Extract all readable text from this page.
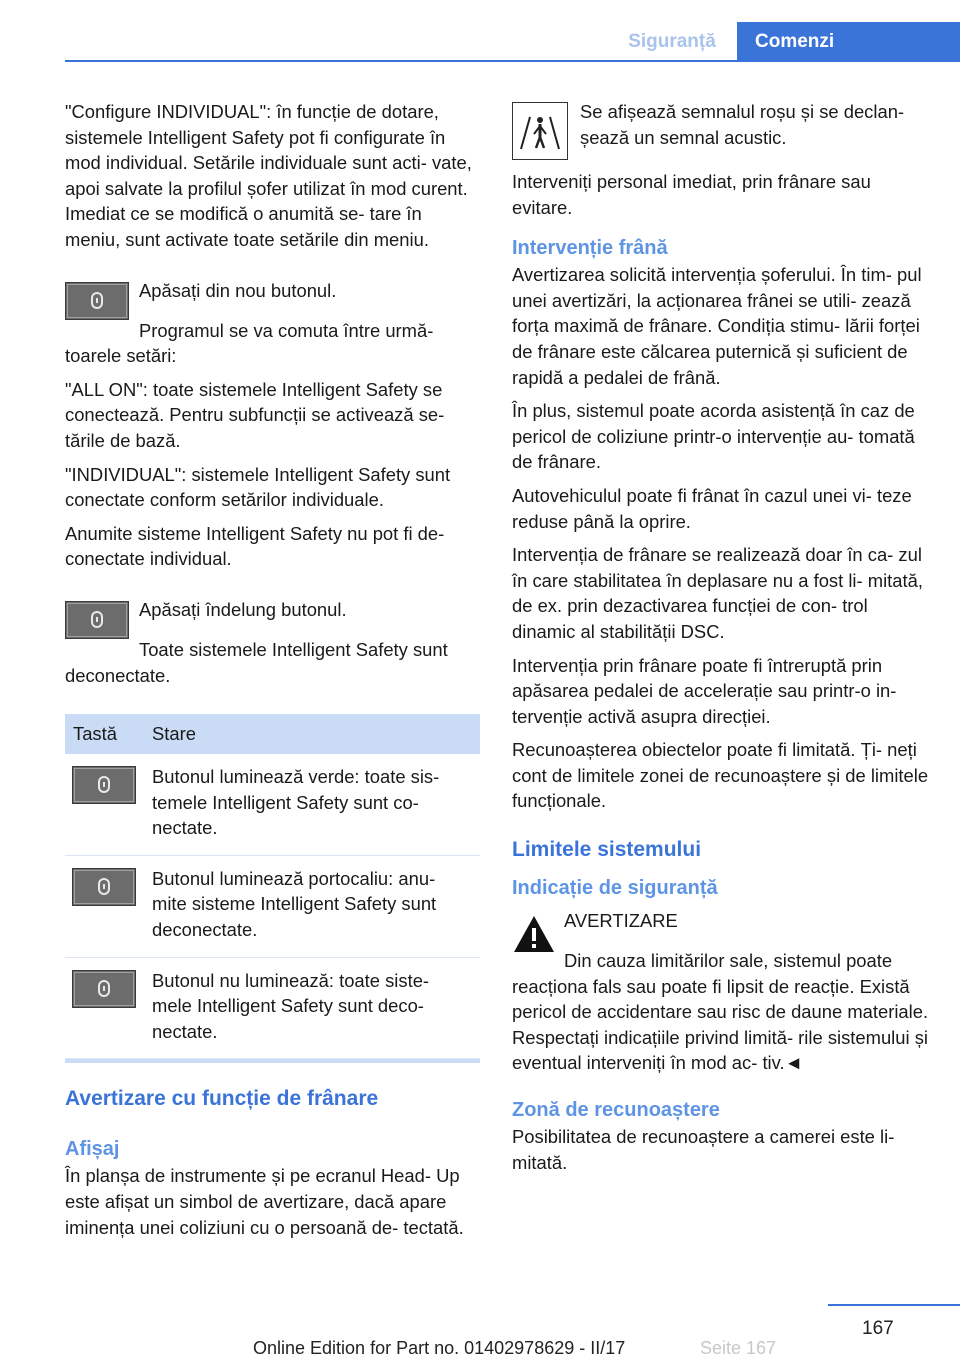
Siguranță	Comenzi
"Configure INDIVIDUAL": în funcție de dotare, sistemele Intelligent Safety pot fi configurate în mod individual. Setările individuale sunt acti‐ vate, apoi salvate la profilul șofer utilizat în mod curent. Imediat ce se modifică o anumită se‐ tare în meniu, sunt activate toate setările din meniu.
Apăsați din nou butonul.
Programul se va comuta între urmă‐ toarele setări:
"ALL ON": toate sistemele Intelligent Safety se conectează. Pentru subfuncții se activează se‐ tările de bază.
"INDIVIDUAL": sistemele Intelligent Safety sunt conectate conform setărilor individuale.
Anumite sisteme Intelligent Safety nu pot fi de‐ conectate individual.
Apăsați îndelung butonul.
Toate sistemele Intelligent Safety sunt deconectate.
Tastă	Stare

	Butonul luminează verde: toate sis‐ temele Intelligent Safety sunt co‐ nectate.

	Butonul luminează portocaliu: anu‐ mite sisteme Intelligent Safety sunt deconectate.

	Butonul nu luminează: toate siste‐ mele Intelligent Safety sunt deco‐ nectate.
Avertizare cu funcție de frânare
Afișaj
În planșa de instrumente și pe ecranul Head- Up este afișat un simbol de avertizare, dacă apare iminența unei coliziuni cu o persoană de‐ tectată.
Se afișează semnalul roșu și se declan‐ șează un semnal acustic.
Interveniți personal imediat, prin frânare sau evitare.
Intervenție frână
Avertizarea solicită intervenția șoferului. În tim‐ pul unei avertizări, la acționarea frânei se utili‐ zează forța maximă de frânare. Condiția stimu‐ lării forței de frânare este călcarea puternică și suficient de rapidă a pedalei de frână.
În plus, sistemul poate acorda asistență în caz de pericol de coliziune printr-o intervenție au‐ tomată de frânare.
Autovehiculul poate fi frânat în cazul unei vi‐ teze reduse până la oprire.
Intervenția de frânare se realizează doar în ca‐ zul în care stabilitatea în deplasare nu a fost li‐ mitată, de ex. prin dezactivarea funcției de con‐ trol dinamic al stabilității DSC.
Intervenția prin frânare poate fi întreruptă prin apăsarea pedalei de accelerație sau printr-o in‐ tervenție activă asupra direcției.
Recunoașterea obiectelor poate fi limitată. Ți‐ neți cont de limitele zonei de recunoaștere și de limitele funcționale.
Limitele sistemului
Indicație de siguranță
AVERTIZARE
Din cauza limitărilor sale, sistemul poate reacționa fals sau poate fi lipsit de reacție. Există pericol de accidentare sau risc de daune materiale. Respectați indicațiile privind limită‐ rile sistemului și eventual interveniți în mod ac‐ tiv.◄
Zonă de recunoaștere
Posibilitatea de recunoaștere a camerei este li‐ mitată.
167
Seite 167
Online Edition for Part no. 01402978629 - II/17
